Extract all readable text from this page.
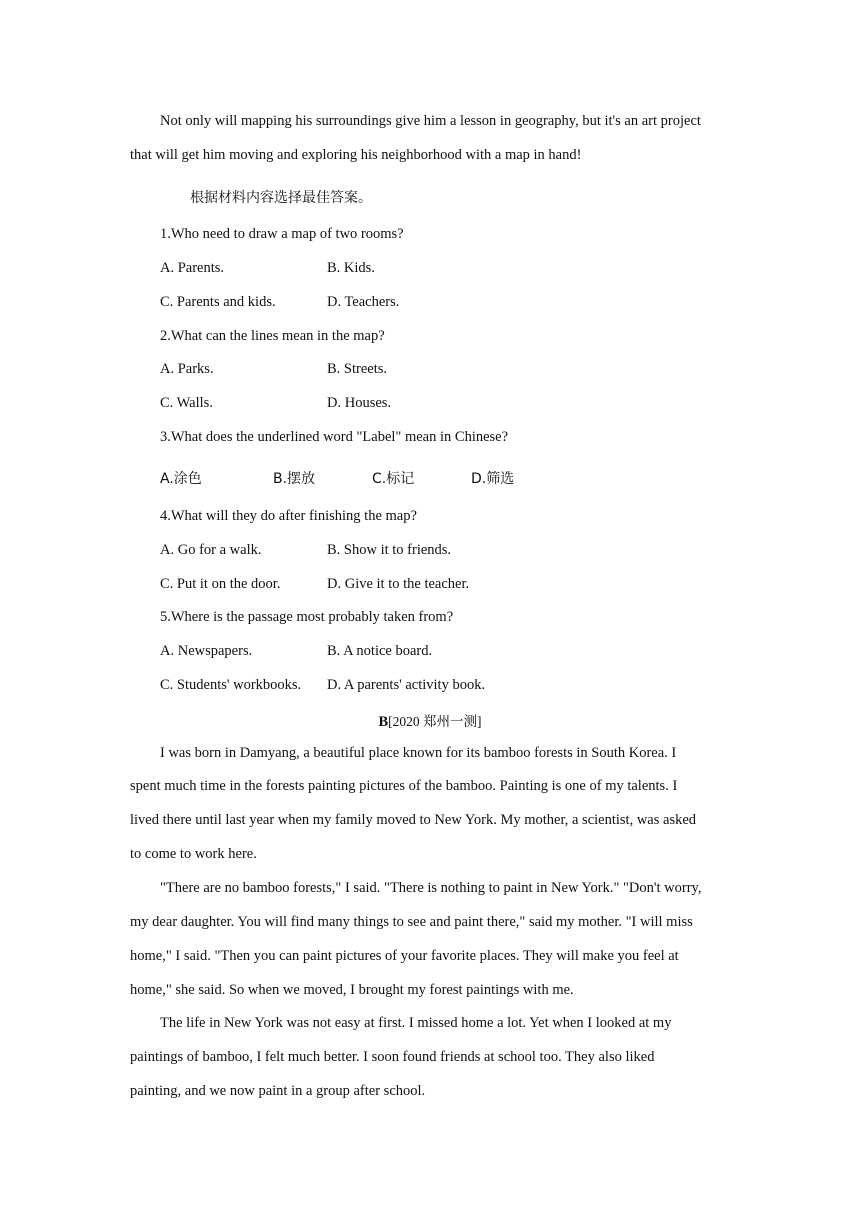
Not only will mapping his surroundings give him a lesson in geography, but it's an art project
that will get him moving and exploring his neighborhood with a map in hand!
根据材料内容选择最佳答案。
1.Who need to draw a map of two rooms?
A. Parents.	B. Kids.
C. Parents and kids.	D. Teachers.
2.What can the lines mean in the map?
A. Parks.	B. Streets.
C. Walls.	D. Houses.
3.What does the underlined word "Label" mean in Chinese?
A.涂色	B.摆放	C.标记	D.筛选
4.What will they do after finishing the map?
A. Go for a walk.	B. Show it to friends.
C. Put it on the door.	D. Give it to the teacher.
5.Where is the passage most probably taken from?
A. Newspapers.	B. A notice board.
C. Students' workbooks. D. A parents' activity book.
B[2020 郑州一测]
I was born in Damyang, a beautiful place known for its bamboo forests in South Korea. I
spent much time in the forests painting pictures of the bamboo. Painting is one of my talents. I
lived there until last year when my family moved to New York. My mother, a scientist, was asked
to come to work here.
"There are no bamboo forests," I said. "There is nothing to paint in New York." "Don't worry,
my dear daughter. You will find many things to see and paint there," said my mother. "I will miss
home," I said. "Then you can paint pictures of your favorite places. They will make you feel at
home," she said. So when we moved, I brought my forest paintings with me.
The life in New York was not easy at first. I missed home a lot. Yet when I looked at my
paintings of bamboo, I felt much better. I soon found friends at school too. They also liked
painting, and we now paint in a group after school.
